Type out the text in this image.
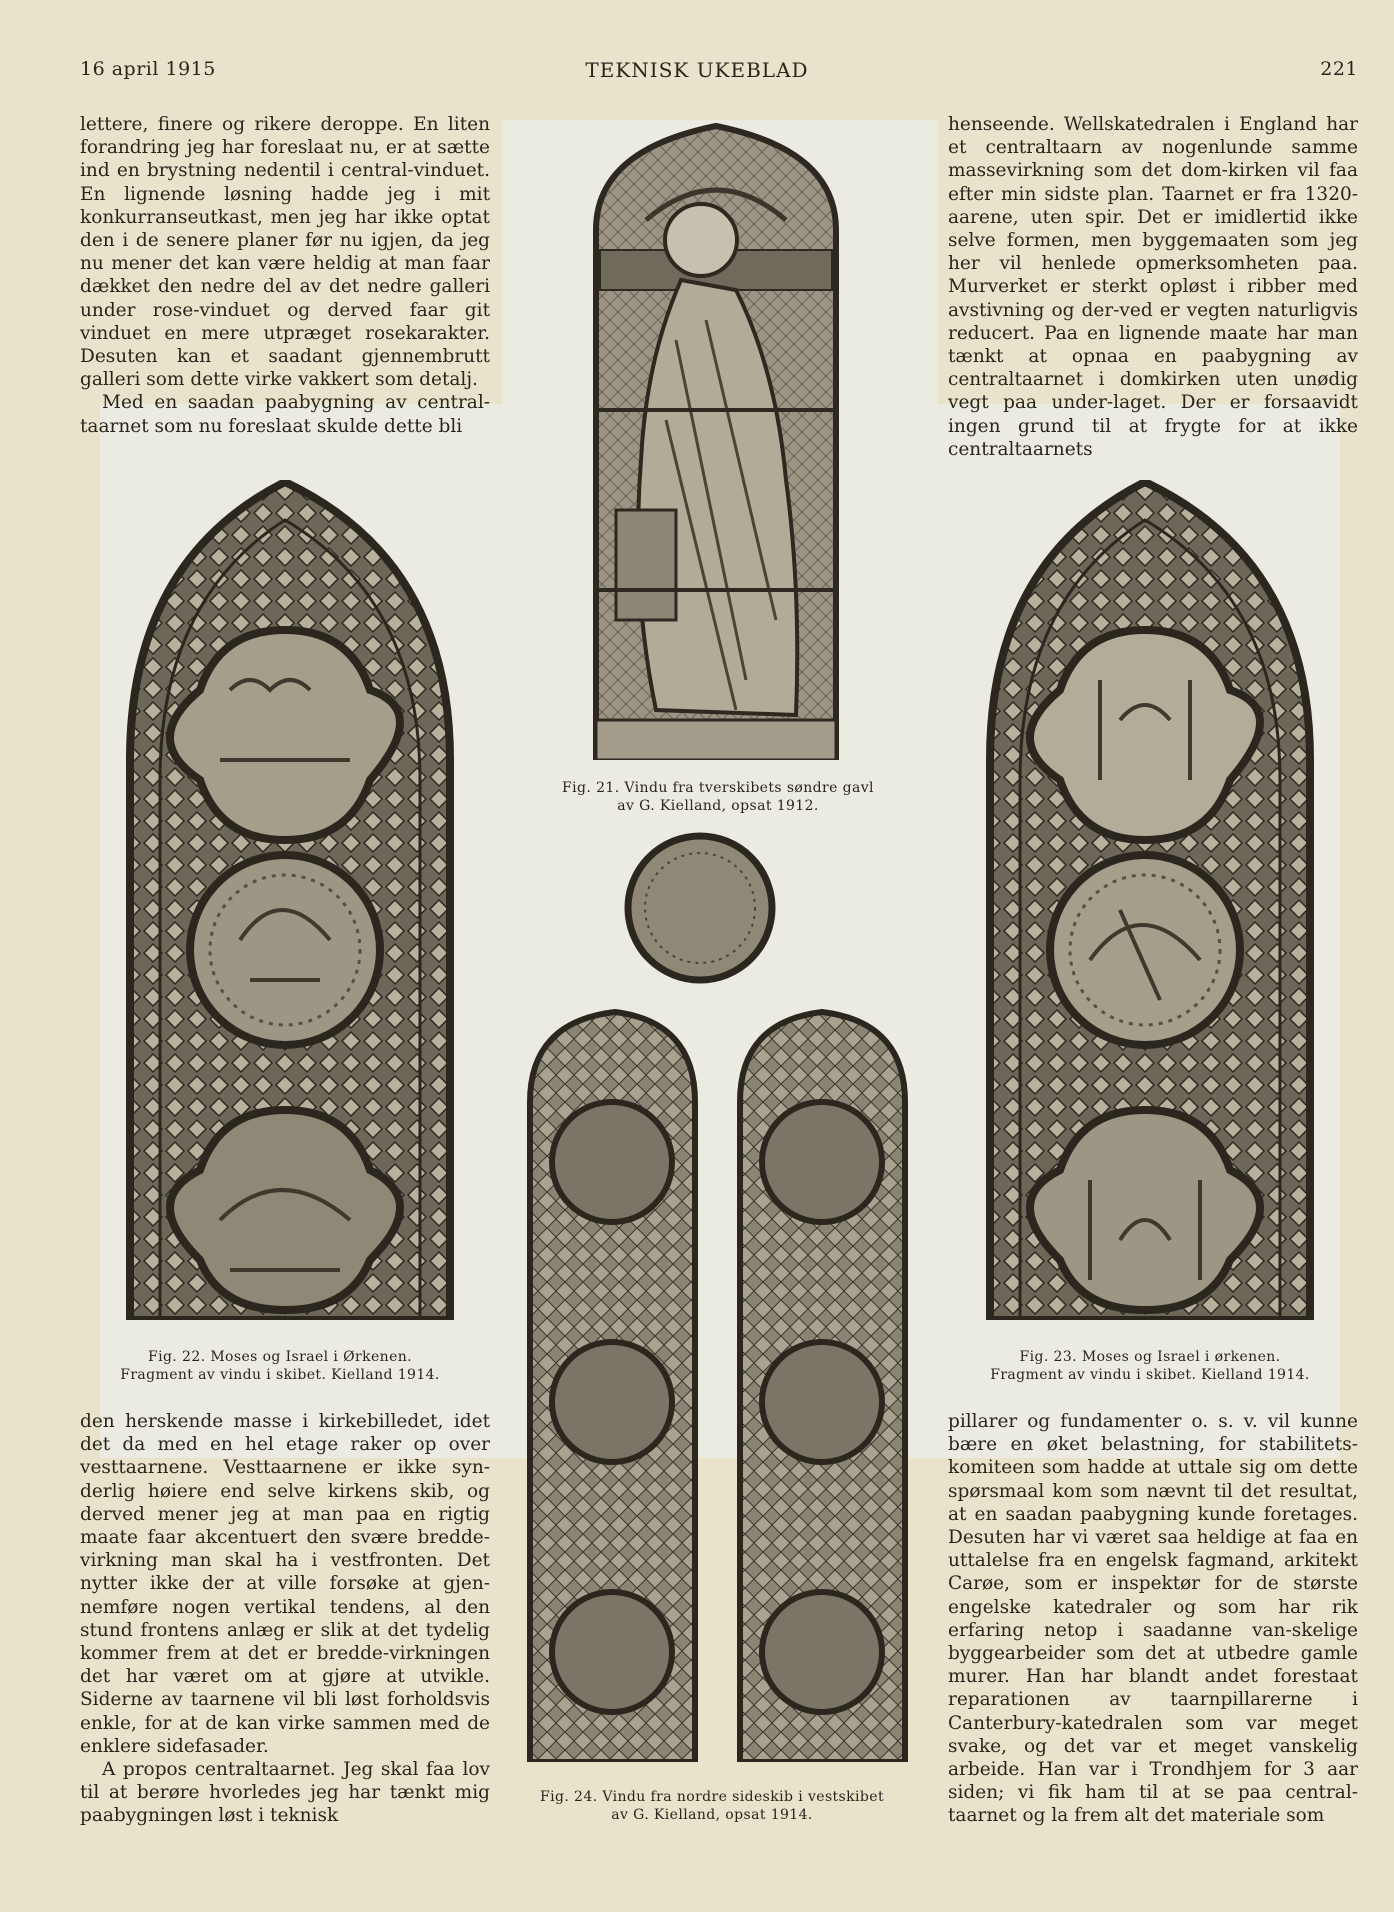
16 april 1915	TEKNISK UKEBLAD	221

lettere, finere og rikere deroppe. En liten forandring jeg har foreslaat nu, er at sætte ind en brystning nedentil i central-vinduet. En lignende løsning hadde jeg i mit konkurranseutkast, men jeg har ikke optat den i de senere planer før nu igjen, da jeg nu mener det kan være heldig at man faar dækket den nedre del av det nedre galleri under rose-vinduet og derved faar git vinduet en mere utpræget rosekarakter. Desuten kan et saadant gjennembrutt galleri som dette virke vakkert som detalj.

Med en saadan paabygning av central-taarnet som nu foreslaat skulde dette bli

henseende. Wellskatedralen i England har et centraltaarn av nogenlunde samme massevirkning som det dom-kirken vil faa efter min sidste plan. Taarnet er fra 1320-aarene, uten spir. Det er imidlertid ikke selve formen, men byggemaaten som jeg her vil henlede opmerksomheten paa. Murverket er sterkt opløst i ribber med avstivning og der-ved er vegten naturligvis reducert. Paa en lignende maate har man tænkt at opnaa en paabygning av centraltaarnet i domkirken uten unødig vegt paa under-laget. Der er forsaavidt ingen grund til at frygte for at ikke centraltaarnets

den herskende masse i kirkebilledet, idet det da med en hel etage raker op over vesttaarnene. Vesttaarnene er ikke syn-derlig høiere end selve kirkens skib, og derved mener jeg at man paa en rigtig maate faar akcentuert den svære bredde-virkning man skal ha i vestfronten. Det nytter ikke der at ville forsøke at gjen-nemføre nogen vertikal tendens, al den stund frontens anlæg er slik at det tydelig kommer frem at det er bredde-virkningen det har været om at gjøre at utvikle. Siderne av taarnene vil bli løst forholdsvis enkle, for at de kan virke sammen med de enklere sidefasader.

A propos centraltaarnet. Jeg skal faa lov til at berøre hvorledes jeg har tænkt mig paabygningen løst i teknisk

pillarer og fundamenter o. s. v. vil kunne bære en øket belastning, for stabilitets-komiteen som hadde at uttale sig om dette spørsmaal kom som nævnt til det resultat, at en saadan paabygning kunde foretages. Desuten har vi været saa heldige at faa en uttalelse fra en engelsk fagmand, arkitekt Carøe, som er inspektør for de største engelske katedraler og som har rik erfaring netop i saadanne van-skelige byggearbeider som det at utbedre gamle murer. Han har blandt andet forestaat reparationen av taarnpillarerne i Canterbury-katedralen som var meget svake, og det var et meget vanskelig arbeide. Han var i Trondhjem for 3 aar siden; vi fik ham til at se paa central-taarnet og la frem alt det materiale som

Fig. 21. Vindu fra tverskibets søndre gavl
av G. Kielland, opsat 1912.
Fig. 22. Moses og Israel i Ørkenen.
Fragment av vindu i skibet. Kielland 1914.
Fig. 23. Moses og Israel i ørkenen.
Fragment av vindu i skibet. Kielland 1914.
Fig. 24. Vindu fra nordre sideskib i vestskibet
av G. Kielland, opsat 1914.
